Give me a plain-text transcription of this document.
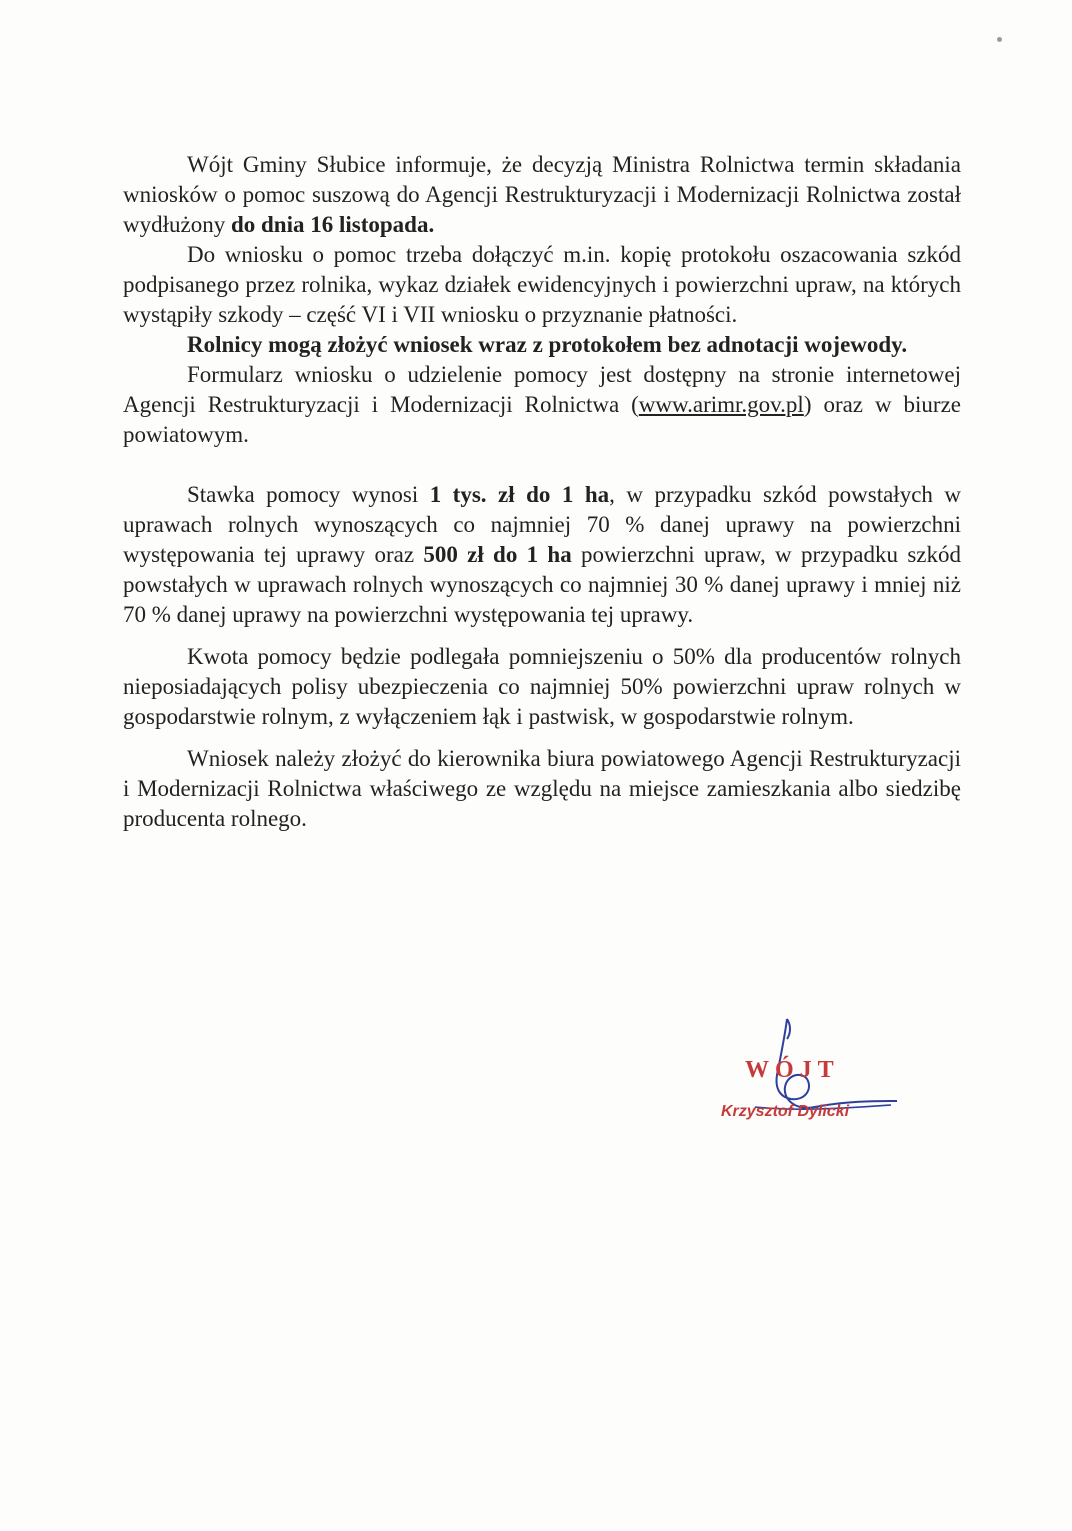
Wójt Gminy Słubice informuje, że decyzją Ministra Rolnictwa termin składania wniosków o pomoc suszową do Agencji Restrukturyzacji i Modernizacji Rolnictwa został wydłużony do dnia 16 listopada.

Do wniosku o pomoc trzeba dołączyć m.in. kopię protokołu oszacowania szkód podpisanego przez rolnika, wykaz działek ewidencyjnych i powierzchni upraw, na których wystąpiły szkody – część VI i VII wniosku o przyznanie płatności.

Rolnicy mogą złożyć wniosek wraz z protokołem bez adnotacji wojewody.

Formularz wniosku o udzielenie pomocy jest dostępny na stronie internetowej Agencji Restrukturyzacji i Modernizacji Rolnictwa (www.arimr.gov.pl) oraz w biurze powiatowym.

Stawka pomocy wynosi 1 tys. zł do 1 ha, w przypadku szkód powstałych w uprawach rolnych wynoszących co najmniej 70 % danej uprawy na powierzchni występowania tej uprawy oraz 500 zł do 1 ha powierzchni upraw, w przypadku szkód powstałych w uprawach rolnych wynoszących co najmniej 30 % danej uprawy i mniej niż 70 % danej uprawy na powierzchni występowania tej uprawy.

Kwota pomocy będzie podlegała pomniejszeniu o 50% dla producentów rolnych nieposiadających polisy ubezpieczenia co najmniej 50% powierzchni upraw rolnych w gospodarstwie rolnym, z wyłączeniem łąk i pastwisk, w gospodarstwie rolnym.

Wniosek należy złożyć do kierownika biura powiatowego Agencji Restrukturyzacji i Modernizacji Rolnictwa właściwego ze względu na miejsce zamieszkania albo siedzibę producenta rolnego.

WÓJT
Krzysztof Dylicki
